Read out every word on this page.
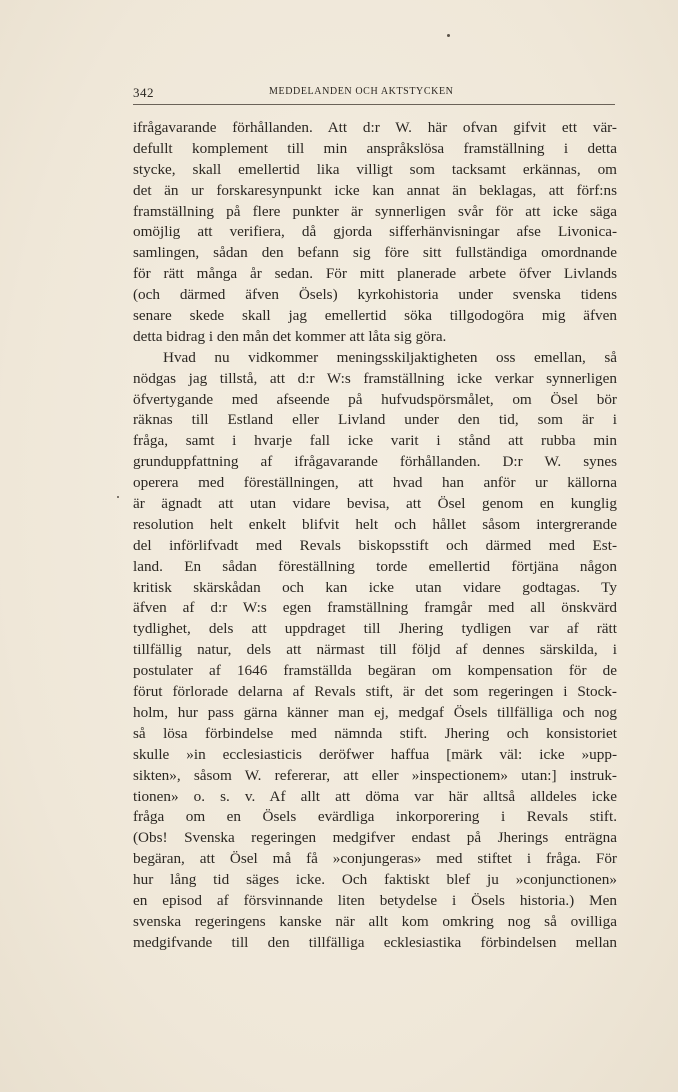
342	MEDDELANDEN OCH AKTSTYCKEN
ifrågavarande förhållanden. Att d:r W. här ofvan gifvit ett vär-
defullt komplement till min anspråkslösa framställning i detta
stycke, skall emellertid lika villigt som tacksamt erkännas, om
det än ur forskaresynpunkt icke kan annat än beklagas, att förf:ns
framställning på flere punkter är synnerligen svår för att icke säga
omöjlig att verifiera, då gjorda sifferhänvisningar afse Livonica-
samlingen, sådan den befann sig före sitt fullständiga omordnande
för rätt många år sedan. För mitt planerade arbete öfver Livlands
(och därmed äfven Ösels) kyrkohistoria under svenska tidens
senare skede skall jag emellertid söka tillgodogöra mig äfven
detta bidrag i den mån det kommer att låta sig göra.
Hvad nu vidkommer meningsskiljaktigheten oss emellan, så
nödgas jag tillstå, att d:r W:s framställning icke verkar synnerligen
öfvertygande med afseende på hufvudspörsmålet, om Ösel bör
räknas till Estland eller Livland under den tid, som är i
fråga, samt i hvarje fall icke varit i stånd att rubba min
grunduppfattning af ifrågavarande förhållanden. D:r W. synes
operera med föreställningen, att hvad han anför ur källorna
är ägnadt att utan vidare bevisa, att Ösel genom en kunglig
resolution helt enkelt blifvit helt och hållet såsom intergrerande
del införlifvadt med Revals biskopsstift och därmed med Est-
land. En sådan föreställning torde emellertid förtjäna någon
kritisk skärskådan och kan icke utan vidare godtagas. Ty
äfven af d:r W:s egen framställning framgår med all önskvärd
tydlighet, dels att uppdraget till Jhering tydligen var af rätt
tillfällig natur, dels att närmast till följd af dennes särskilda, i
postulater af 1646 framställda begäran om kompensation för de
förut förlorade delarna af Revals stift, är det som regeringen i Stock-
holm, hur pass gärna känner man ej, medgaf Ösels tillfälliga och nog
så lösa förbindelse med nämnda stift. Jhering och konsistoriet
skulle »in ecclesiasticis deröfwer haffua [märk väl: icke »upp-
sikten», såsom W. refererar, att eller »inspectionem» utan:] instruk-
tionen» o. s. v. Af allt att döma var här alltså alldeles icke
fråga om en Ösels evärdliga inkorporering i Revals stift.
(Obs! Svenska regeringen medgifver endast på Jherings enträgna
begäran, att Ösel må få »conjungeras» med stiftet i fråga. För
hur lång tid säges icke. Och faktiskt blef ju »conjunctionen»
en episod af försvinnande liten betydelse i Ösels historia.) Men
svenska regeringens kanske när allt kom omkring nog så ovilliga
medgifvande till den tillfälliga ecklesiastika förbindelsen mellan
